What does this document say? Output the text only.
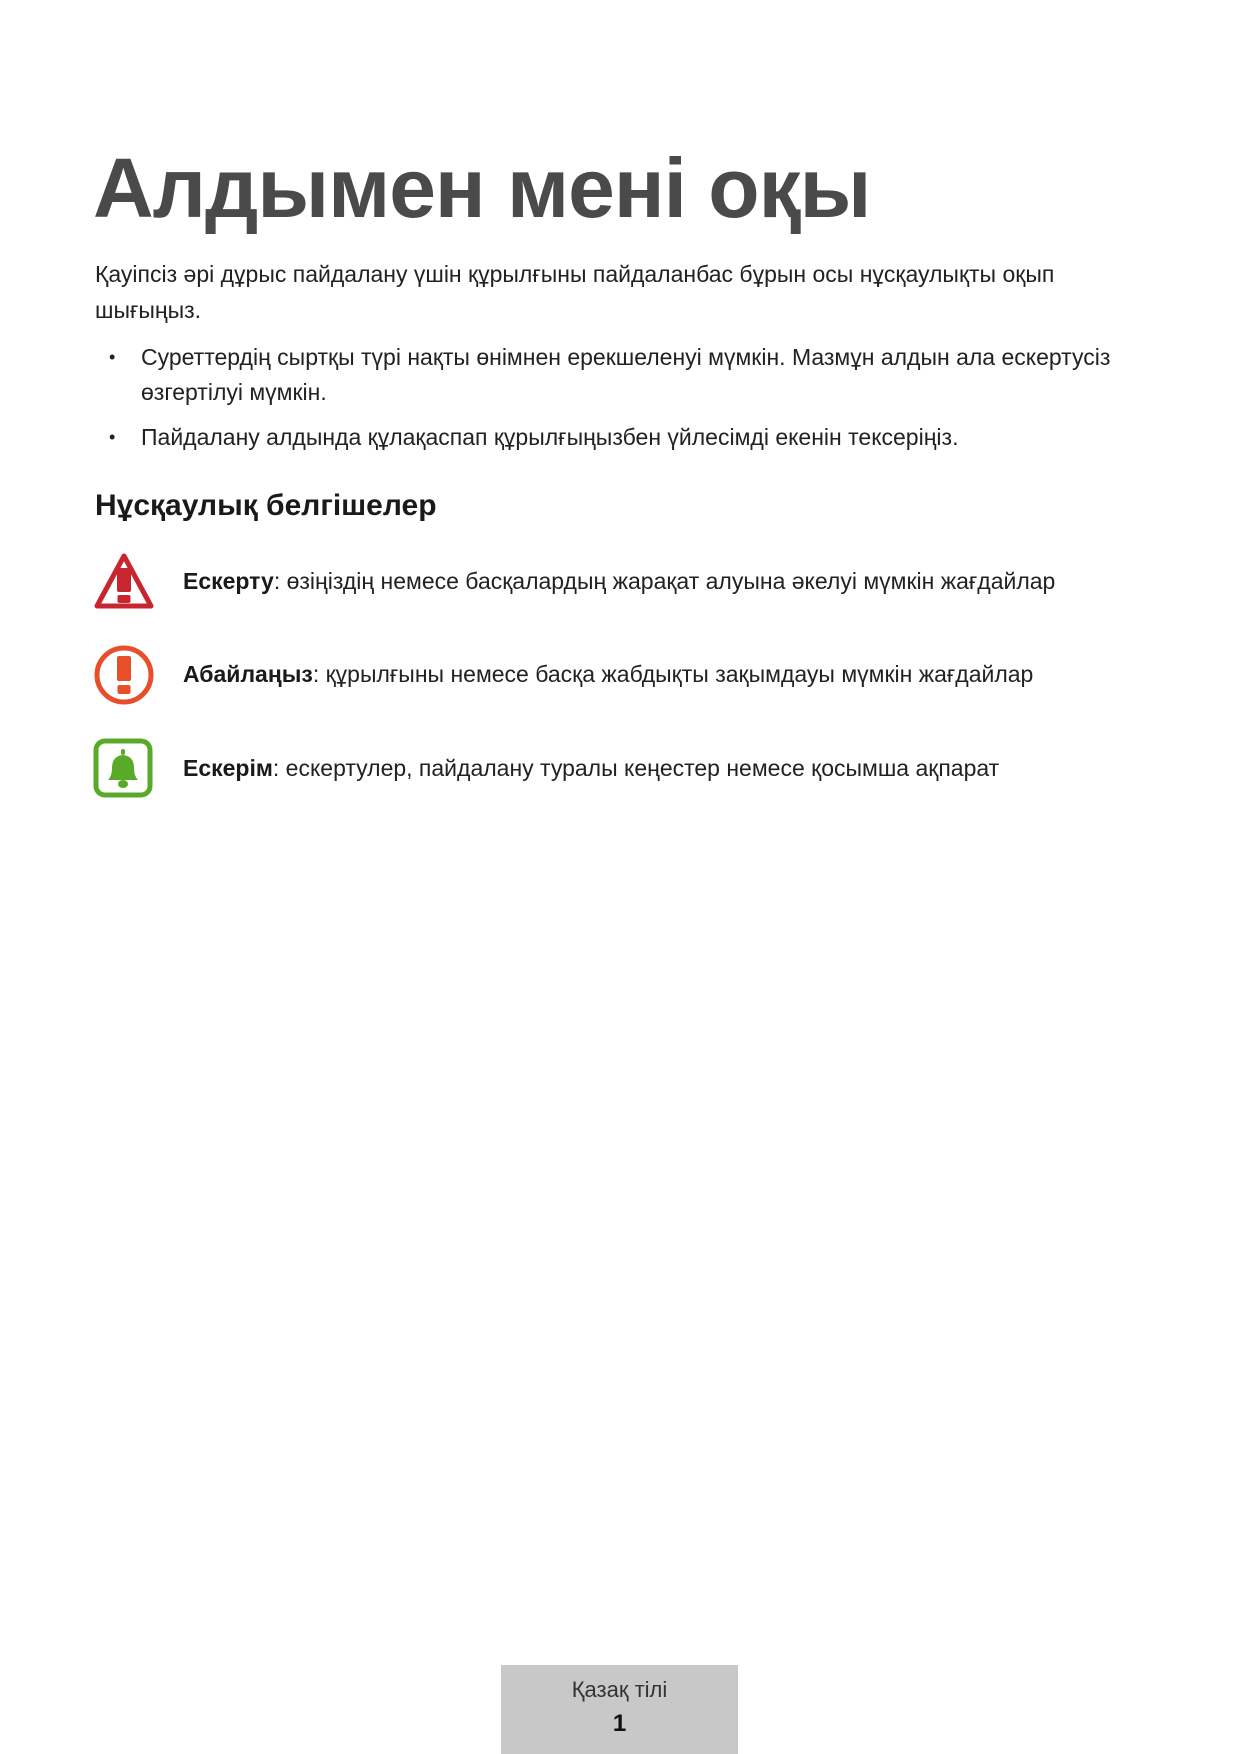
Алдымен мені оқы

Қауіпсіз әрі дұрыс пайдалану үшін құрылғыны пайдаланбас бұрын осы нұсқаулықты оқып шығыңыз.

• Суреттердің сыртқы түрі нақты өнімнен ерекшеленуі мүмкін. Мазмұн алдын ала ескертусіз өзгертілуі мүмкін.
• Пайдалану алдында құлақаспап құрылғыңызбен үйлесімді екенін тексеріңіз.
Нұсқаулық белгішелер
Ескерту: өзіңіздің немесе басқалардың жарақат алуына әкелуі мүмкін жағдайлар
Абайлаңыз: құрылғыны немесе басқа жабдықты зақымдауы мүмкін жағдайлар
Ескерім: ескертулер, пайдалану туралы кеңестер немесе қосымша ақпарат
Қазақ тілі
1
